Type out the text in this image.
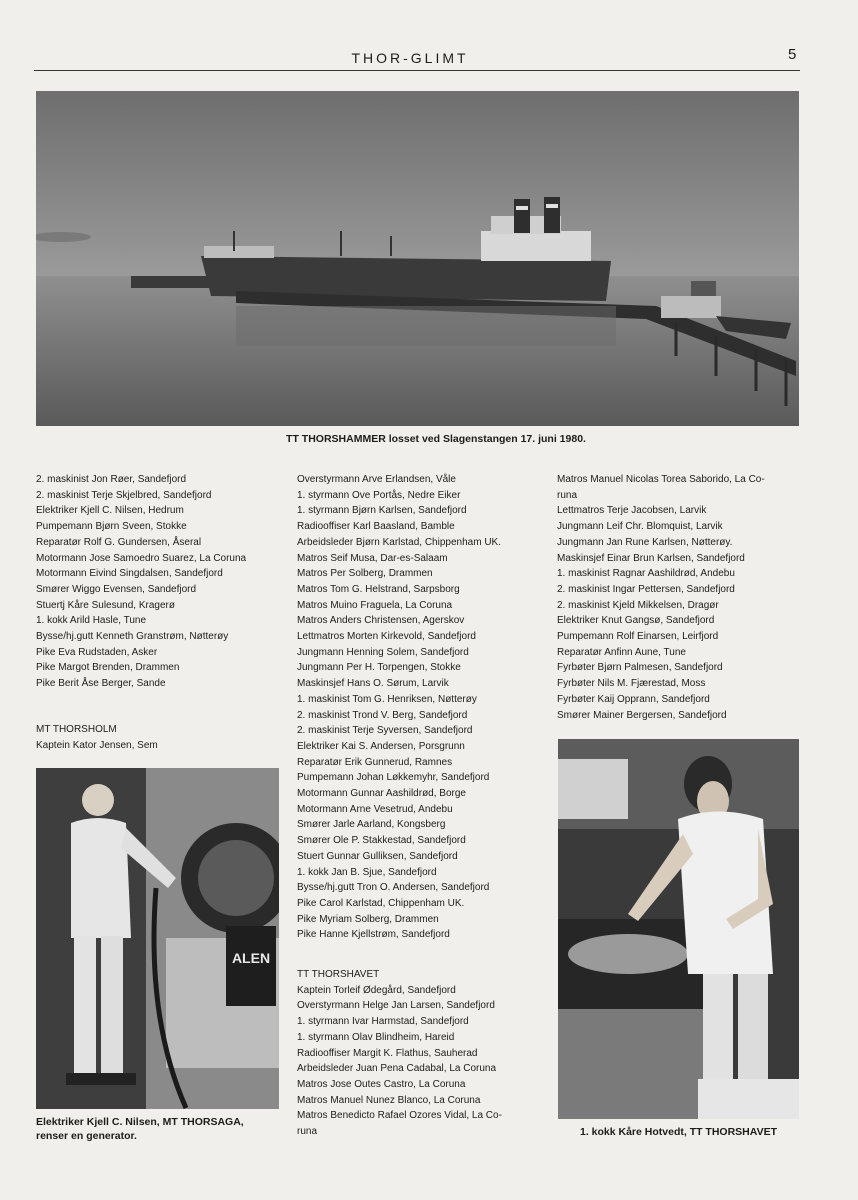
THOR-GLIMT	5
TT THORSHAMMER losset ved Slagenstangen 17. juni 1980.

2. maskinist Jon Røer, Sandefjord

2. maskinist Terje Skjelbred, Sandefjord

Elektriker Kjell C. Nilsen, Hedrum

Pumpemann Bjørn Sveen, Stokke

Reparatør Rolf G. Gundersen, Åseral

Motormann Jose Samoedro Suarez, La Coruna

Motormann Eivind Singdalsen, Sandefjord

Smører Wiggo Evensen, Sandefjord

Stuertj Kåre Sulesund, Kragerø

1. kokk Arild Hasle, Tune

Bysse/hj.gutt Kenneth Granstrøm, Nøtterøy

Pike Eva Rudstaden, Asker

Pike Margot Brenden, Drammen

Pike Berit Åse Berger, Sande

MT THORSHOLM

Kaptein Kator Jensen, Sem

ALEN
Elektriker Kjell C. Nilsen, MT THORSAGA,
renser en generator.

Overstyrmann Arve Erlandsen, Våle

1. styrmann Ove Portås, Nedre Eiker

1. styrmann Bjørn Karlsen, Sandefjord

Radiooffiser Karl Baasland, Bamble

Arbeidsleder Bjørn Karlstad, Chippenham UK.

Matros Seif Musa, Dar-es-Salaam

Matros Per Solberg, Drammen

Matros Tom G. Helstrand, Sarpsborg

Matros Muino Fraguela, La Coruna

Matros Anders Christensen, Agerskov

Lettmatros Morten Kirkevold, Sandefjord

Jungmann Henning Solem, Sandefjord

Jungmann Per H. Torpengen, Stokke

Maskinsjef Hans O. Sørum, Larvik

1. maskinist Tom G. Henriksen, Nøtterøy

2. maskinist Trond V. Berg, Sandefjord

2. maskinist Terje Syversen, Sandefjord

Elektriker Kai S. Andersen, Porsgrunn

Reparatør Erik Gunnerud, Ramnes

Pumpemann Johan Løkkemyhr, Sandefjord

Motormann Gunnar Aashildrød, Borge

Motormann Arne Vesetrud, Andebu

Smører Jarle Aarland, Kongsberg

Smører Ole P. Stakkestad, Sandefjord

Stuert Gunnar Gulliksen, Sandefjord

1. kokk Jan B. Sjue, Sandefjord

Bysse/hj.gutt Tron O. Andersen, Sandefjord

Pike Carol Karlstad, Chippenham UK.

Pike Myriam Solberg, Drammen

Pike Hanne Kjellstrøm, Sandefjord

TT THORSHAVET

Kaptein Torleif Ødegård, Sandefjord

Overstyrmann Helge Jan Larsen, Sandefjord

1. styrmann Ivar Harmstad, Sandefjord

1. styrmann Olav Blindheim, Hareid

Radiooffiser Margit K. Flathus, Sauherad

Arbeidsleder Juan Pena Cadabal, La Coruna

Matros Jose Outes Castro, La Coruna

Matros Manuel Nunez Blanco, La Coruna

Matros Benedicto Rafael Ozores Vidal, La Co-

runa

Matros Manuel Nicolas Torea Saborido, La Co-

runa

Lettmatros Terje Jacobsen, Larvik

Jungmann Leif Chr. Blomquist, Larvik

Jungmann Jan Rune Karlsen, Nøtterøy.

Maskinsjef Einar Brun Karlsen, Sandefjord

1. maskinist Ragnar Aashildrød, Andebu

2. maskinist Ingar Pettersen, Sandefjord

2. maskinist Kjeld Mikkelsen, Dragør

Elektriker Knut Gangsø, Sandefjord

Pumpemann Rolf Einarsen, Leirfjord

Reparatør Anfinn Aune, Tune

Fyrbøter Bjørn Palmesen, Sandefjord

Fyrbøter Nils M. Fjærestad, Moss

Fyrbøter Kaij Opprann, Sandefjord

Smører Mainer Bergersen, Sandefjord

1. kokk Kåre Hotvedt, TT THORSHAVET
